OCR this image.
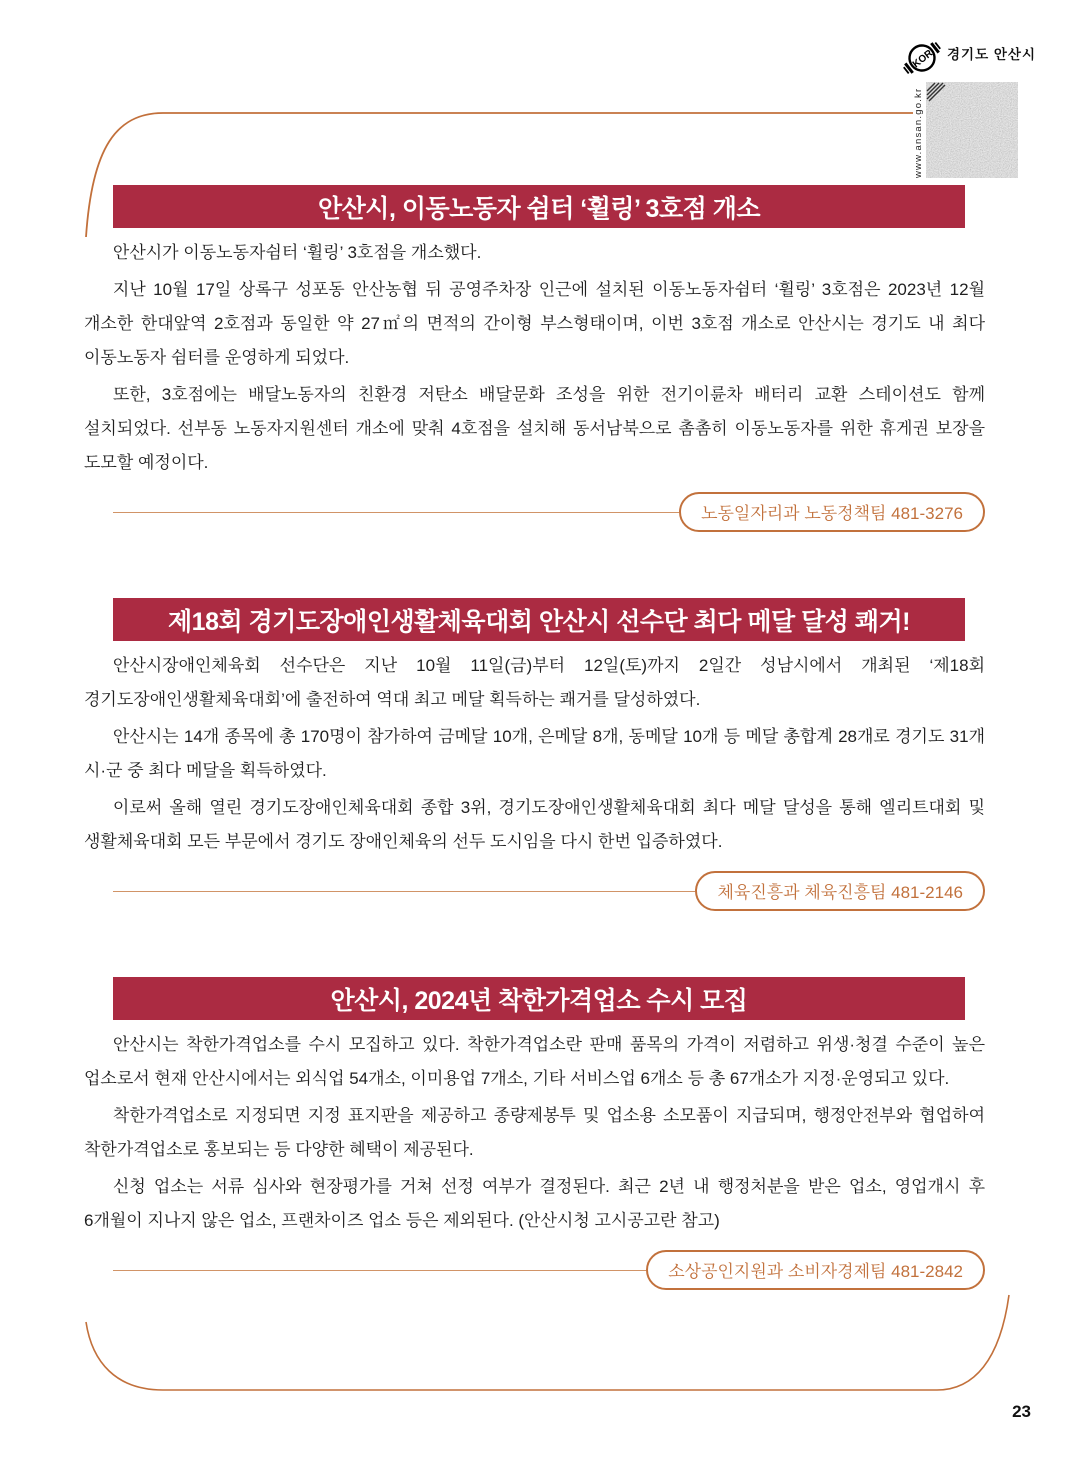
KOR 경기도 안산시
www.ansan.go.kr
안산시, 이동노동자 쉼터 ‘휠링’ 3호점 개소

안산시가 이동노동자쉼터 ‘휠링’ 3호점을 개소했다.

지난 10월 17일 상록구 성포동 안산농협 뒤 공영주차장 인근에 설치된 이동노동자쉼터 ‘휠링’ 3호점은 2023년 12월 개소한 한대앞역 2호점과 동일한 약 27㎡의 면적의 간이형 부스형태이며, 이번 3호점 개소로 안산시는 경기도 내 최다 이동노동자 쉼터를 운영하게 되었다.

또한, 3호점에는 배달노동자의 친환경 저탄소 배달문화 조성을 위한 전기이륜차 배터리 교환 스테이션도 함께 설치되었다. 선부동 노동자지원센터 개소에 맞춰 4호점을 설치해 동서남북으로 촘촘히 이동노동자를 위한 휴게권 보장을 도모할 예정이다.

노동일자리과 노동정책팀 481-3276
제18회 경기도장애인생활체육대회 안산시 선수단 최다 메달 달성 쾌거!

안산시장애인체육회 선수단은 지난 10월 11일(금)부터 12일(토)까지 2일간 성남시에서 개최된 ‘제18회 경기도장애인생활체육대회’에 출전하여 역대 최고 메달 획득하는 쾌거를 달성하였다.

안산시는 14개 종목에 총 170명이 참가하여 금메달 10개, 은메달 8개, 동메달 10개 등 메달 총합계 28개로 경기도 31개 시·군 중 최다 메달을 획득하였다.

이로써 올해 열린 경기도장애인체육대회 종합 3위, 경기도장애인생활체육대회 최다 메달 달성을 통해 엘리트대회 및 생활체육대회 모든 부문에서 경기도 장애인체육의 선두 도시임을 다시 한번 입증하였다.

체육진흥과 체육진흥팀 481-2146
안산시, 2024년 착한가격업소 수시 모집

안산시는 착한가격업소를 수시 모집하고 있다. 착한가격업소란 판매 품목의 가격이 저렴하고 위생·청결 수준이 높은 업소로서 현재 안산시에서는 외식업 54개소, 이미용업 7개소, 기타 서비스업 6개소 등 총 67개소가 지정·운영되고 있다.

착한가격업소로 지정되면 지정 표지판을 제공하고 종량제봉투 및 업소용 소모품이 지급되며, 행정안전부와 협업하여 착한가격업소로 홍보되는 등 다양한 혜택이 제공된다.

신청 업소는 서류 심사와 현장평가를 거쳐 선정 여부가 결정된다. 최근 2년 내 행정처분을 받은 업소, 영업개시 후 6개월이 지나지 않은 업소, 프랜차이즈 업소 등은 제외된다. (안산시청 고시공고란 참고)

소상공인지원과 소비자경제팀 481-2842
23
